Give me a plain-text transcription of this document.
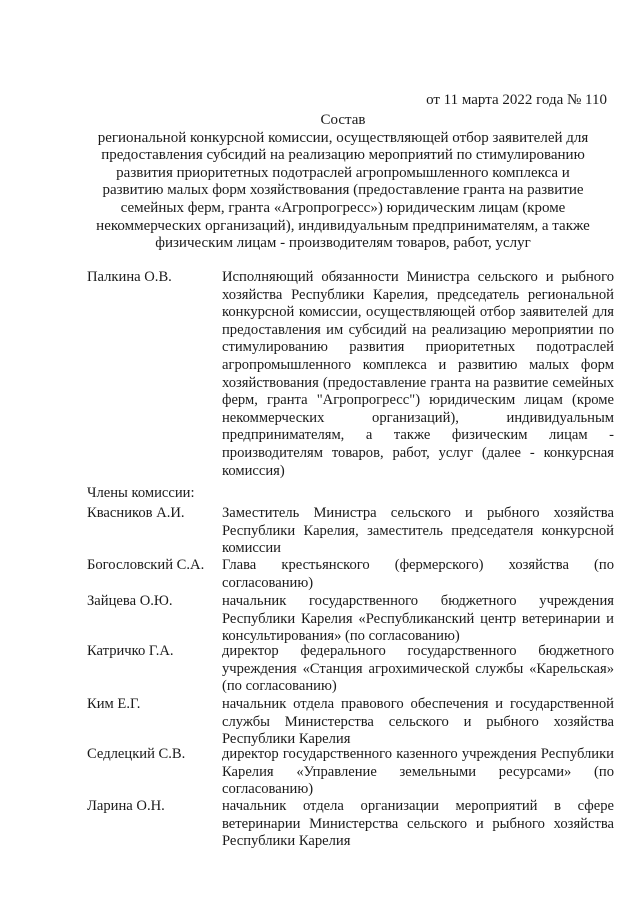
от 11 марта 2022 года № 110
Состав
региональной конкурсной комиссии, осуществляющей отбор заявителей для
предоставления субсидий на реализацию мероприятий по стимулированию
развития приоритетных подотраслей агропромышленного комплекса и
развитию малых форм хозяйствования (предоставление гранта на развитие
семейных ферм, гранта «Агропрогресс») юридическим лицам (кроме
некоммерческих организаций), индивидуальным предпринимателям, а также
физическим лицам - производителям товаров, работ, услуг
Палкина О.В.	Исполняющий обязанности Министра сельского и рыбного хозяйства Республики Карелия, председатель региональной конкурсной комиссии, осуществляющей отбор заявителей для предоставления им субсидий на реализацию мероприятии по стимулированию развития приоритетных подотраслей агропромышленного комплекса и развитию малых форм хозяйствования (предоставление гранта на развитие семейных ферм, гранта "Агропрогресс") юридическим лицам (кроме некоммерческих организаций), индивидуальным предпринимателям, а также физическим лицам - производителям товаров, работ, услуг (далее - конкурсная комиссия)
Члены комиссии:
Квасников А.И.	Заместитель Министра сельского и рыбного хозяйства Республики Карелия, заместитель председателя конкурсной комиссии
Богословский С.А.	Глава крестьянского (фермерского) хозяйства (по согласованию)
Зайцева О.Ю.	начальник государственного бюджетного учреждения Республики Карелия «Республиканский центр ветеринарии и консультирования» (по согласованию)
Катричко Г.А.	директор федерального государственного бюджетного учреждения «Станция агрохимической службы «Карельская» (по согласованию)
Ким Е.Г.	начальник отдела правового обеспечения и государственной службы Министерства сельского и рыбного хозяйства Республики Карелия
Седлецкий С.В.	директор государственного казенного учреждения Республики Карелия «Управление земельными ресурсами» (по согласованию)
Ларина О.Н.	начальник отдела организации мероприятий в сфере ветеринарии Министерства сельского и рыбного хозяйства Республики Карелия
